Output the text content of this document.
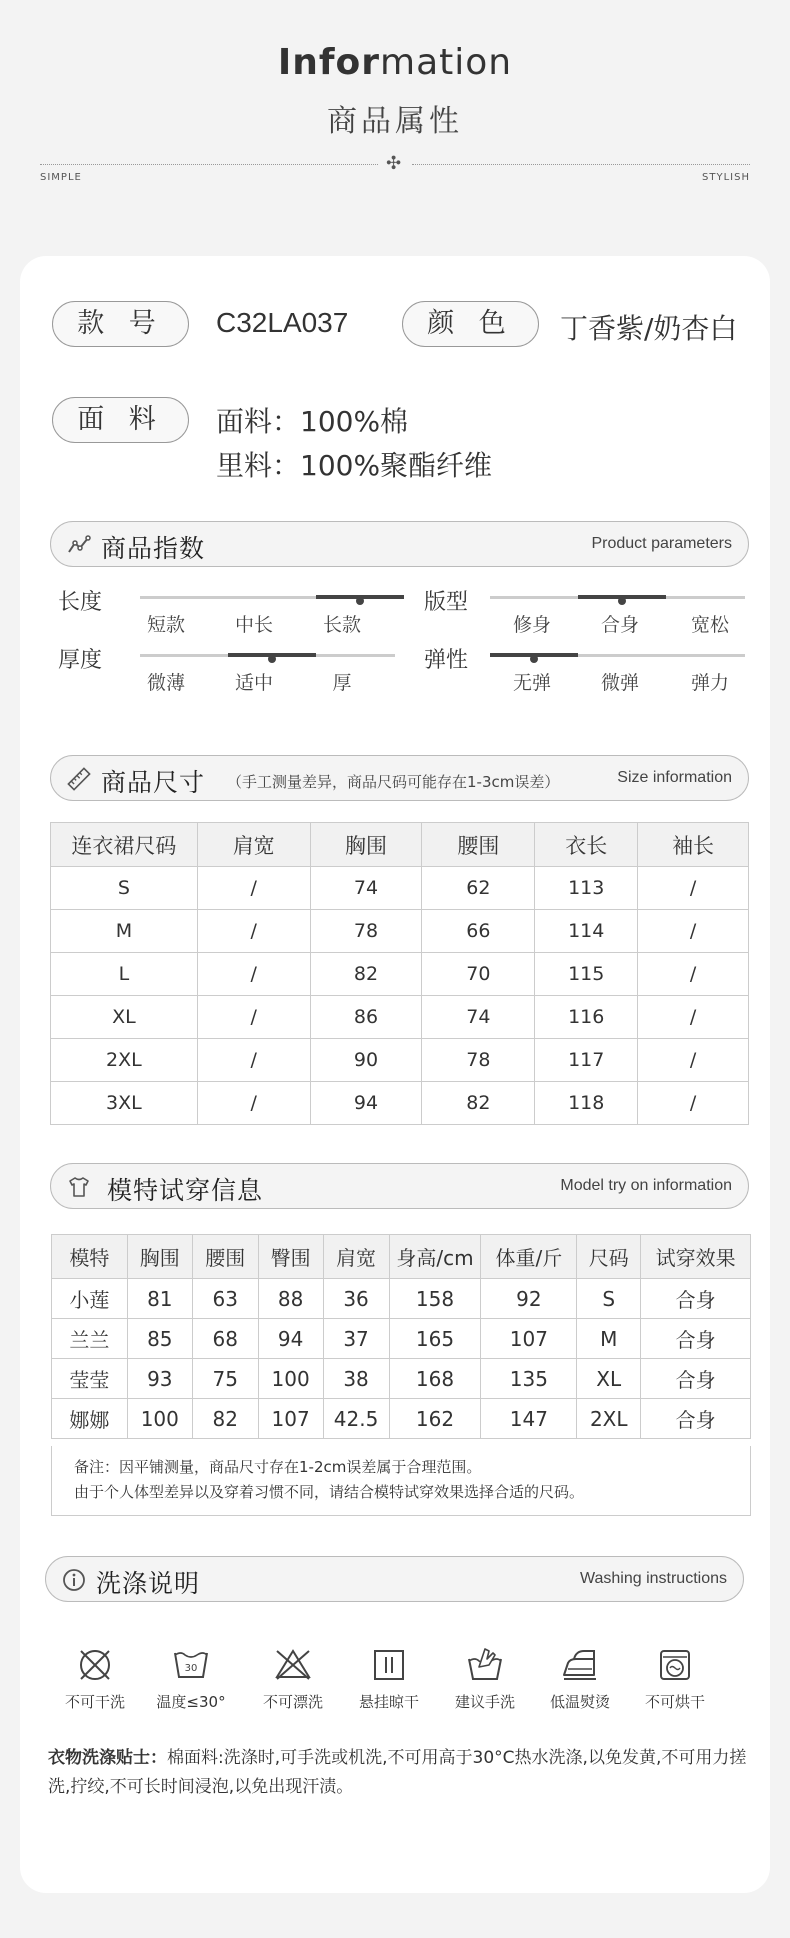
Information
商品属性
✣
SIMPLE	STYLISH
款 号	C32LA037	颜 色	丁香紫/奶杏白
面 料	面料：100%棉
里料：100%聚酯纤维
商品指数	Product parameters
长度
短款	中长	长款
版型
修身	合身	宽松
厚度
微薄	适中	厚
弹性
无弹	微弹	弹力
商品尺寸 （手工测量差异，商品尺码可能存在1-3cm误差）	Size information
连衣裙尺码	肩宽	胸围	腰围	衣长	袖长
S	/	74	62	113	/
M	/	78	66	114	/
L	/	82	70	115	/
XL	/	86	74	116	/
2XL	/	90	78	117	/
3XL	/	94	82	118	/
模特试穿信息	Model try on information
模特	胸围	腰围	臀围	肩宽	身高/cm	体重/斤	尺码	试穿效果
小莲	81	63	88	36	158	92	S	合身
兰兰	85	68	94	37	165	107	M	合身
莹莹	93	75	100	38	168	135	XL	合身
娜娜	100	82	107	42.5	162	147	2XL	合身
备注：因平铺测量，商品尺寸存在1-2cm误差属于合理范围。
由于个人体型差异以及穿着习惯不同，请结合模特试穿效果选择合适的尺码。
洗涤说明	Washing instructions
不可干洗
30
温度≤30°	不可漂洗	悬挂晾干	建议手洗	低温熨烫	不可烘干
衣物洗涤贴士：棉面料:洗涤时,可手洗或机洗,不可用高于30°C热水洗涤,以免发黄,不可用力搓洗,拧绞,不可长时间浸泡,以免出现汗渍。
